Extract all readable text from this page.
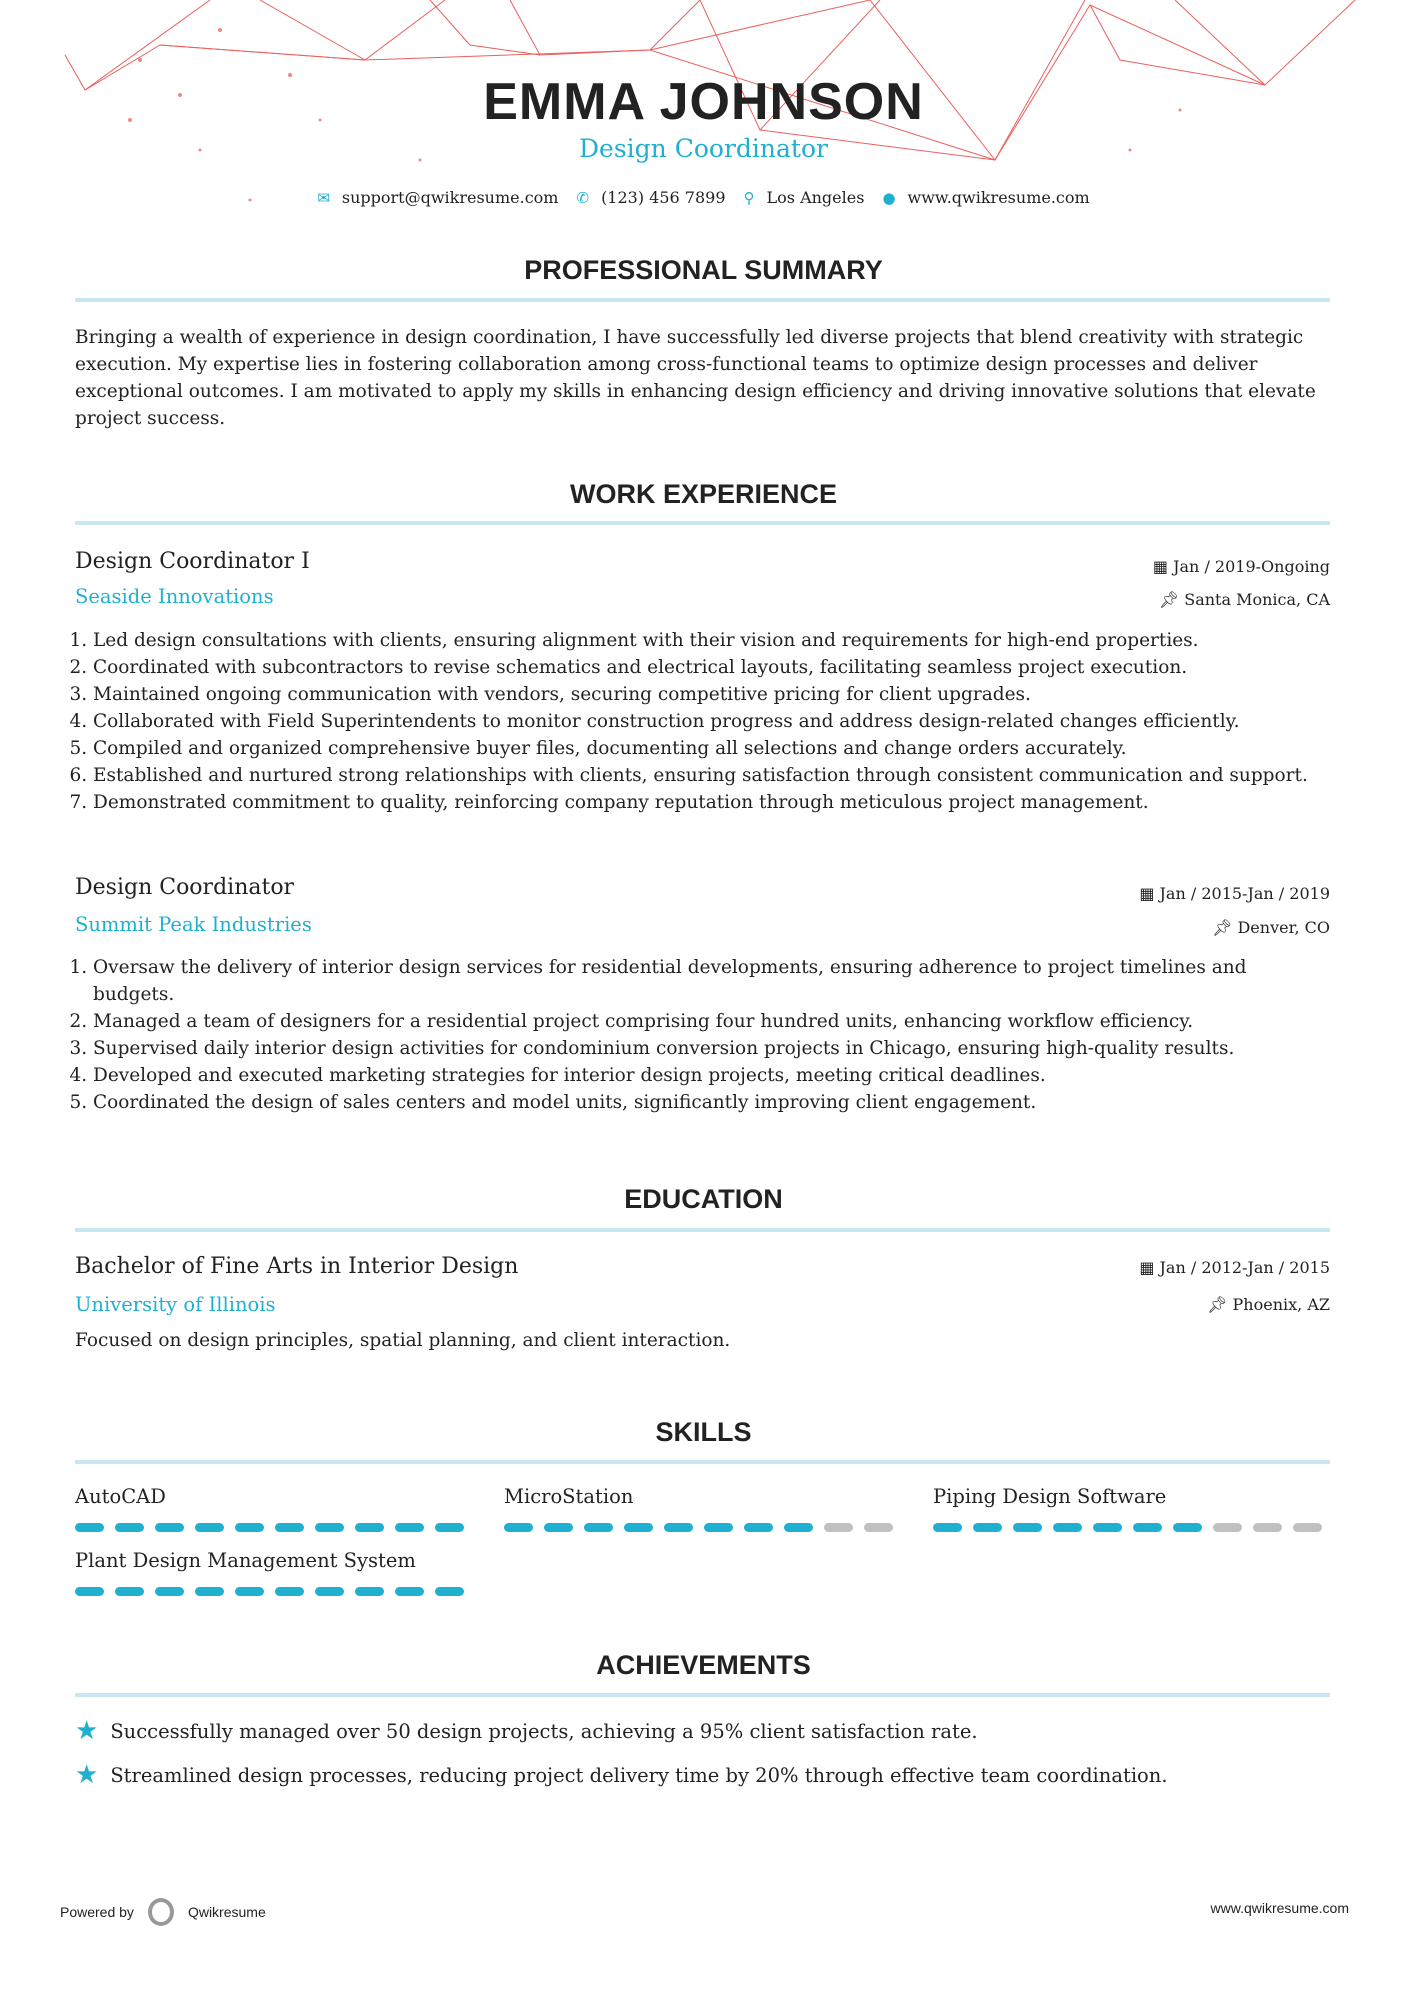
EMMA JOHNSON
Design Coordinator
✉ support@qwikresume.com ✆ (123) 456 7899 ⚲ Los Angeles ● www.qwikresume.com
PROFESSIONAL SUMMARY
Bringing a wealth of experience in design coordination, I have successfully led diverse projects that blend creativity with strategic execution. My expertise lies in fostering collaboration among cross-functional teams to optimize design processes and deliver exceptional outcomes. I am motivated to apply my skills in enhancing design efficiency and driving innovative solutions that elevate project success.
WORK EXPERIENCE
Design Coordinator I	▦ Jan / 2019-Ongoing
Seaside Innovations	📌︎ Santa Monica, CA
1. Led design consultations with clients, ensuring alignment with their vision and requirements for high-end properties.
2. Coordinated with subcontractors to revise schematics and electrical layouts, facilitating seamless project execution.
3. Maintained ongoing communication with vendors, securing competitive pricing for client upgrades.
4. Collaborated with Field Superintendents to monitor construction progress and address design-related changes efficiently.
5. Compiled and organized comprehensive buyer files, documenting all selections and change orders accurately.
6. Established and nurtured strong relationships with clients, ensuring satisfaction through consistent communication and support.
7. Demonstrated commitment to quality, reinforcing company reputation through meticulous project management.
Design Coordinator	▦ Jan / 2015-Jan / 2019
Summit Peak Industries	📌︎ Denver, CO
1. Oversaw the delivery of interior design services for residential developments, ensuring adherence to project timelines and budgets.
2. Managed a team of designers for a residential project comprising four hundred units, enhancing workflow efficiency.
3. Supervised daily interior design activities for condominium conversion projects in Chicago, ensuring high-quality results.
4. Developed and executed marketing strategies for interior design projects, meeting critical deadlines.
5. Coordinated the design of sales centers and model units, significantly improving client engagement.
EDUCATION
Bachelor of Fine Arts in Interior Design	▦ Jan / 2012-Jan / 2015
University of Illinois	📌︎ Phoenix, AZ
Focused on design principles, spatial planning, and client interaction.
SKILLS
AutoCAD	MicroStation	Piping Design Software
Plant Design Management System
ACHIEVEMENTS
★ Successfully managed over 50 design projects, achieving a 95% client satisfaction rate.
★ Streamlined design processes, reducing project delivery time by 20% through effective team coordination.
Powered by	Qwikresume	www.qwikresume.com
